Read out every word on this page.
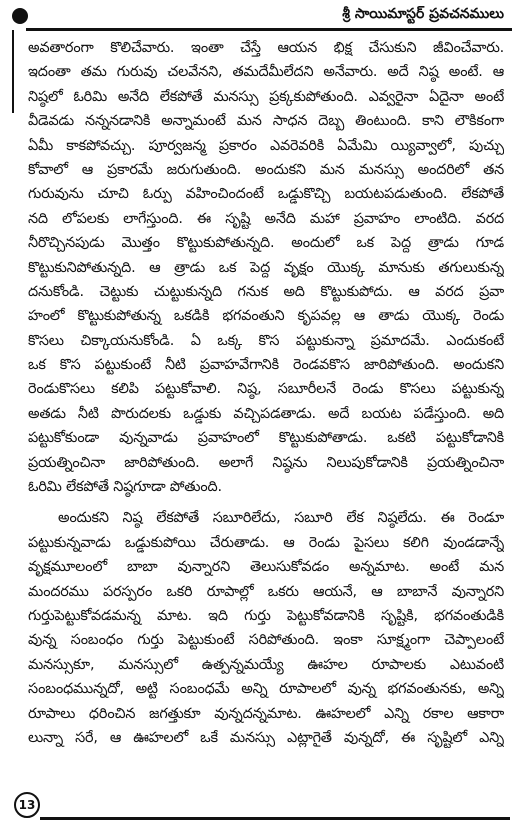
శ్రీ సాయిమాస్టర్ ప్రవచనములు
అవతారంగా కొలిచేవారు. ఇంతా చేస్తే ఆయన భిక్ష చేసుకుని జీవించేవారు.
ఇదంతా తమ గురువు చలవేనని, తమదేమీలేదని అనేవారు. అదే నిష్ఠ అంటే. ఆ
నిష్ఠలో ఓరిమి అనేది లేకపోతే మనస్సు ప్రక్కకుపోతుంది. ఎవ్వరైనా ఏదైనా అంటే
వీడెవడు నన్ననడానికి అన్నామంటే మన సాధన దెబ్బ తింటుంది. కాని లౌకికంగా
ఏమీ కాకపోవచ్చు. పూర్వజన్మ ప్రకారం ఎవరెవరికి ఏమేమి య్యివ్వాలో, పుచ్చు
కోవాలో ఆ ప్రకారమే జరుగుతుంది. అందుకని మన మనస్సు అందరిలో తన
గురువును చూచి ఓర్పు వహించిందంటే ఒడ్డుకొచ్చి బయటపడుతుంది. లేకపోతే
నది లోపలకు లాగేస్తుంది. ఈ సృష్టి అనేది మహా ప్రవాహం లాంటిది. వరద
నీరొచ్చినపుడు మొత్తం కొట్టుకుపోతున్నది. అందులో ఒక పెద్ద త్రాడు గూడ
కొట్టుకునిపోతున్నది. ఆ త్రాడు ఒక పెద్ద వృక్షం యొక్క మానుకు తగులుకున్న
దనుకోండి. చెట్టుకు చుట్టుకున్నది గనుక అది కొట్టుకుపోదు. ఆ వరద ప్రవా
హంలో కొట్టుకుపోతున్న ఒకడికి భగవంతుని కృపవల్ల ఆ తాడు యొక్క రెండు
కొసలు చిక్కాయనుకోండి. ఏ ఒక్క కొస పట్టుకున్నా ప్రమాదమే. ఎందుకంటే
ఒక కొస పట్టుకుంటే నీటి ప్రవాహవేగానికి రెండవకొస జారిపోతుంది. అందుకని
రెండుకొసలు కలిపి పట్టుకోవాలి. నిష్ఠ, సబూరీలనే రెండు కొసలు పట్టుకున్న
అతడు నీటి పొరుదలకు ఒడ్డుకు వచ్చిపడతాడు. అదే బయట పడేస్తుంది. అది
పట్టుకోకుండా వున్నవాడు ప్రవాహంలో కొట్టుకుపోతాడు. ఒకటి పట్టుకోడానికి
ప్రయత్నించినా జారిపోతుంది. అలాగే నిష్ఠను నిలుపుకోడానికి ప్రయత్నించినా
ఓరిమి లేకపోతే నిష్ఠగూడా పోతుంది.
అందుకని నిష్ఠ లేకపోతే సబూరిలేదు, సబూరి లేక నిష్ఠలేదు. ఈ రెండూ
పట్టుకున్నవాడు ఒడ్డుకుపోయి చేరుతాడు. ఆ రెండు పైసలు కలిగి వుండడాన్నే
వృక్షమూలంలో బాబా వున్నారని తెలుసుకోవడం అన్నమాట. అంటే మన
మందరము పరస్పరం ఒకరి రూపాల్లో ఒకరు ఆయనే, ఆ బాబానే వున్నారని
గుర్తుపెట్టుకోవడమన్న మాట. ఇది గుర్తు పెట్టుకోవడానికి సృష్టికి, భగవంతుడికి
వున్న సంబంధం గుర్తు పెట్టుకుంటే సరిపోతుంది. ఇంకా సూక్ష్మంగా చెప్పాలంటే
మనస్సుకూ, మనస్సులో ఉత్పన్నమయ్యే ఊహల రూపాలకు ఎటువంటి
సంబంధమున్నదో, అట్టి సంబంధమే అన్ని రూపాలలో వున్న భగవంతునకు, అన్ని
రూపాలు ధరించిన జగత్తుకూ వున్నదన్నమాట. ఊహలలో ఎన్ని రకాల ఆకారా
లున్నా సరే, ఆ ఊహలలో ఒకే మనస్సు ఎట్లాగైతే వున్నదో, ఈ సృష్టిలో ఎన్ని
13
